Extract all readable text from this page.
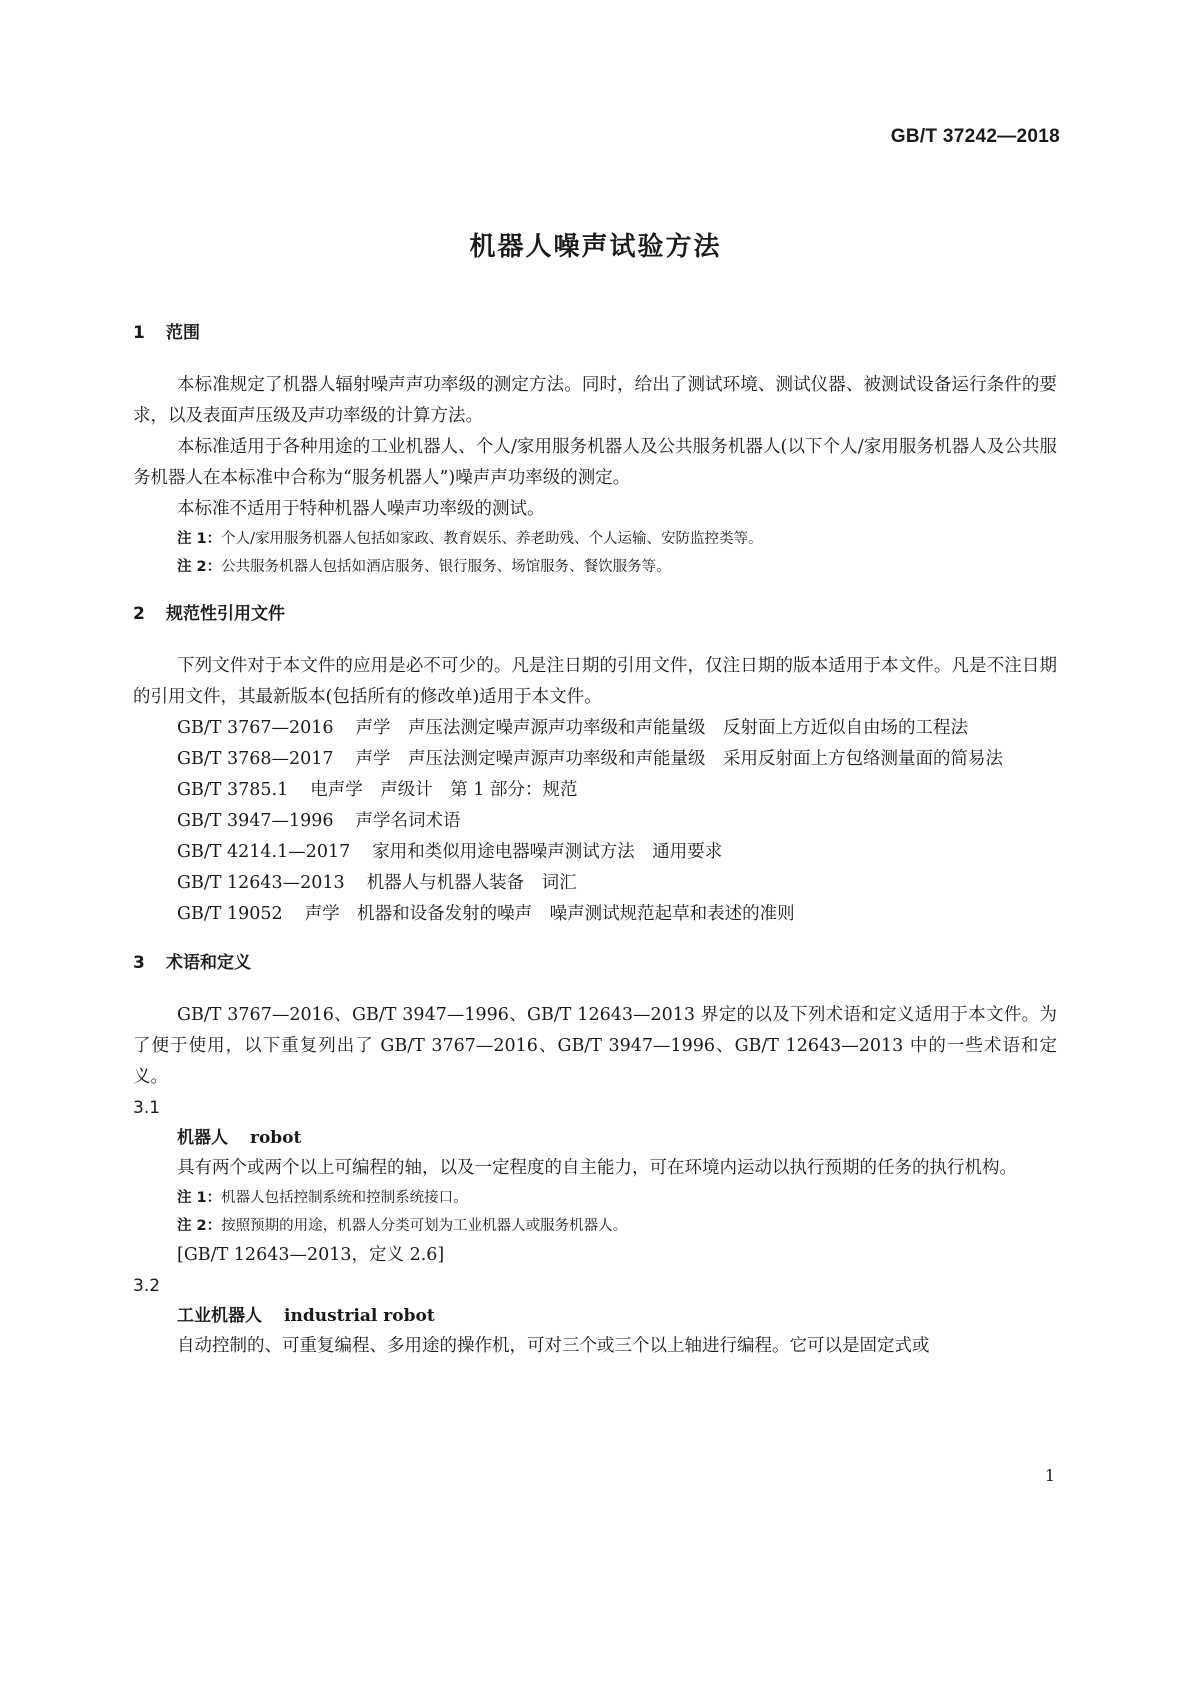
GB/T 37242—2018
机器人噪声试验方法
1 范围

本标准规定了机器人辐射噪声声功率级的测定方法。同时，给出了测试环境、测试仪器、被测试设备运行条件的要求，以及表面声压级及声功率级的计算方法。

本标准适用于各种用途的工业机器人、个人/家用服务机器人及公共服务机器人(以下个人/家用服务机器人及公共服务机器人在本标准中合称为“服务机器人”)噪声声功率级的测定。

本标准不适用于特种机器人噪声功率级的测试。

注 1：个人/家用服务机器人包括如家政、教育娱乐、养老助残、个人运输、安防监控类等。

注 2：公共服务机器人包括如酒店服务、银行服务、场馆服务、餐饮服务等。

2 规范性引用文件

下列文件对于本文件的应用是必不可少的。凡是注日期的引用文件，仅注日期的版本适用于本文件。凡是不注日期的引用文件，其最新版本(包括所有的修改单)适用于本文件。

GB/T 3767—2016 声学　声压法测定噪声源声功率级和声能量级　反射面上方近似自由场的工程法

GB/T 3768—2017 声学　声压法测定噪声源声功率级和声能量级　采用反射面上方包络测量面的简易法

GB/T 3785.1 电声学　声级计　第 1 部分：规范

GB/T 3947—1996 声学名词术语

GB/T 4214.1—2017 家用和类似用途电器噪声测试方法　通用要求

GB/T 12643—2013 机器人与机器人装备　词汇

GB/T 19052 声学　机器和设备发射的噪声　噪声测试规范起草和表述的准则

3 术语和定义

GB/T 3767—2016、GB/T 3947—1996、GB/T 12643—2013 界定的以及下列术语和定义适用于本文件。为了便于使用，以下重复列出了 GB/T 3767—2016、GB/T 3947—1996、GB/T 12643—2013 中的一些术语和定义。

3.1

机器人 robot

具有两个或两个以上可编程的轴，以及一定程度的自主能力，可在环境内运动以执行预期的任务的执行机构。

注 1：机器人包括控制系统和控制系统接口。

注 2：按照预期的用途，机器人分类可划为工业机器人或服务机器人。

[GB/T 12643—2013，定义 2.6]

3.2

工业机器人 industrial robot

自动控制的、可重复编程、多用途的操作机，可对三个或三个以上轴进行编程。它可以是固定式或

1
